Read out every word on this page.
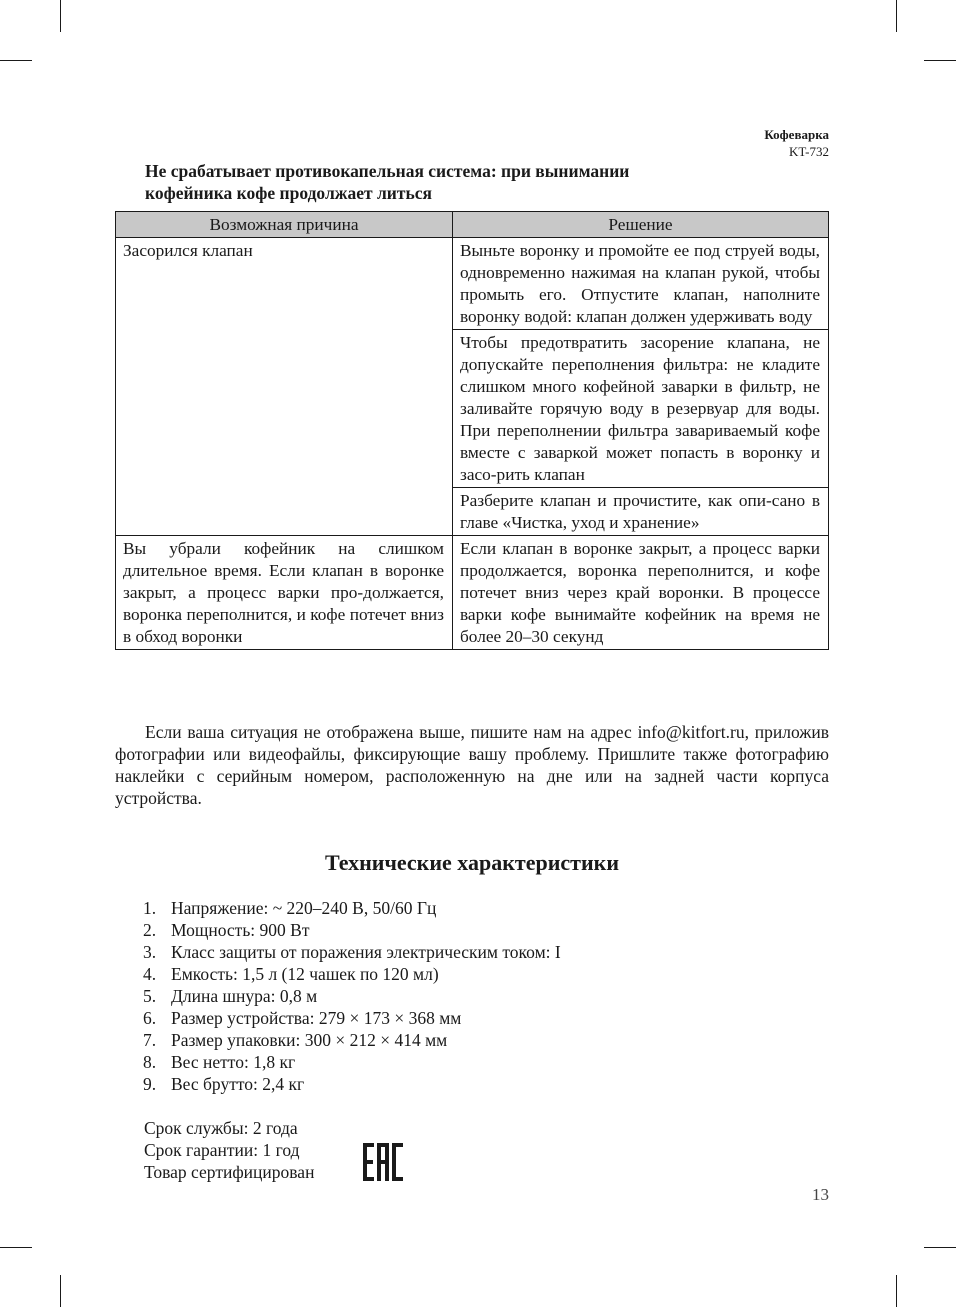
Кофеварка
KT-732
Не срабатывает противокапельная система: при вынимании
кофейника кофе продолжает литься
Возможная причина	Решение

Засорился клапан	Выньте воронку и промойте ее под струей воды, одновременно нажимая на клапан рукой, чтобы промыть его. Отпустите клапан, наполните воронку водой: клапан должен удерживать воду

	Чтобы предотвратить засорение клапана, не допускайте переполнения фильтра: не кладите слишком много кофейной заварки в фильтр, не заливайте горячую воду в резервуар для воды. При переполнении фильтра завариваемый кофе вместе с заваркой может попасть в воронку и засо-рить клапан

	Разберите клапан и прочистите, как опи-сано в главе «Чистка, уход и хранение»

Вы убрали кофейник на слишком длительное время. Если клапан в воронке закрыт, а процесс варки про-должается, воронка переполнится, и кофе потечет вниз в обход воронки	Если клапан в воронке закрыт, а процесс варки продолжается, воронка переполнится, и кофе потечет вниз через край воронки. В процессе варки кофе вынимайте кофейник на время не более 20–30 секунд

Если ваша ситуация не отображена выше, пишите нам на адрес info@kitfort.ru, приложив фотографии или видеофайлы, фиксирующие вашу проблему. Пришлите также фотографию наклейки с серийным номером, расположенную на дне или на задней части корпуса устройства.

Технические характеристики
1. Напряжение: ~ 220–240 В, 50/60 Гц
2. Мощность: 900 Вт
3. Класс защиты от поражения электрическим током: I
4. Емкость: 1,5 л (12 чашек по 120 мл)
5. Длина шнура: 0,8 м
6. Размер устройства: 279 × 173 × 368 мм
7. Размер упаковки: 300 × 212 × 414 мм
8. Вес нетто: 1,8 кг
9. Вес брутто: 2,4 кг
Срок службы: 2 года
Срок гарантии: 1 год
Товар сертифицирован
13
